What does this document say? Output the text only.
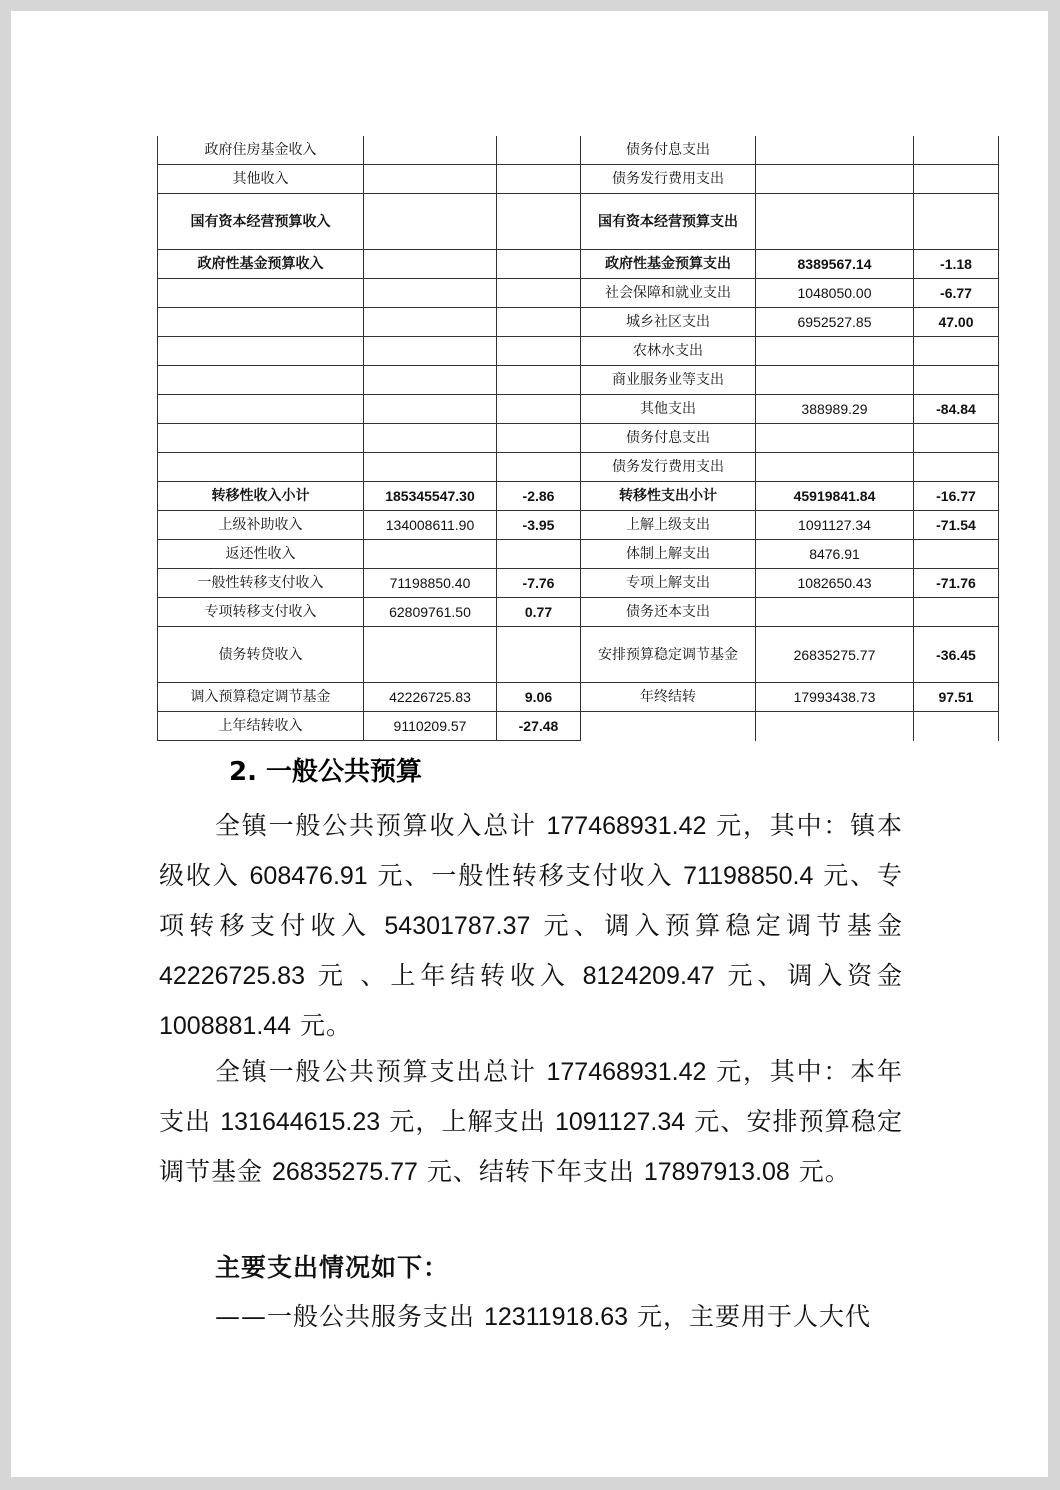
政府住房基金收入			债务付息支出		
其他收入			债务发行费用支出		
国有资本经营预算收入			国有资本经营预算支出		
政府性基金预算收入			政府性基金预算支出	8389567.14	-1.18
			社会保障和就业支出	1048050.00	-6.77
			城乡社区支出	6952527.85	47.00
			农林水支出		
			商业服务业等支出		
			其他支出	388989.29	-84.84
			债务付息支出		
			债务发行费用支出		
转移性收入小计	185345547.30	-2.86	转移性支出小计	45919841.84	-16.77
上级补助收入	134008611.90	-3.95	上解上级支出	1091127.34	-71.54
返还性收入			体制上解支出	8476.91	
一般性转移支付收入	71198850.40	-7.76	专项上解支出	1082650.43	-71.76
专项转移支付收入	62809761.50	0.77	债务还本支出		
债务转贷收入			安排预算稳定调节基金	26835275.77	-36.45
调入预算稳定调节基金	42226725.83	9.06	年终结转	17993438.73	97.51
上年结转收入	9110209.57	-27.48			
2. 一般公共预算

全镇一般公共预算收入总计 177468931.42 元，其中：镇本级收入 608476.91 元、一般性转移支付收入 71198850.4 元、专项转移支付收入 54301787.37 元、调入预算稳定调节基金 42226725.83 元 、上年结转收入 8124209.47 元、调入资金 1008881.44 元。

全镇一般公共预算支出总计 177468931.42 元，其中：本年支出 131644615.23 元，上解支出 1091127.34 元、安排预算稳定调节基金 26835275.77 元、结转下年支出 17897913.08 元。

主要支出情况如下：

——一般公共服务支出 12311918.63 元，主要用于人大代
